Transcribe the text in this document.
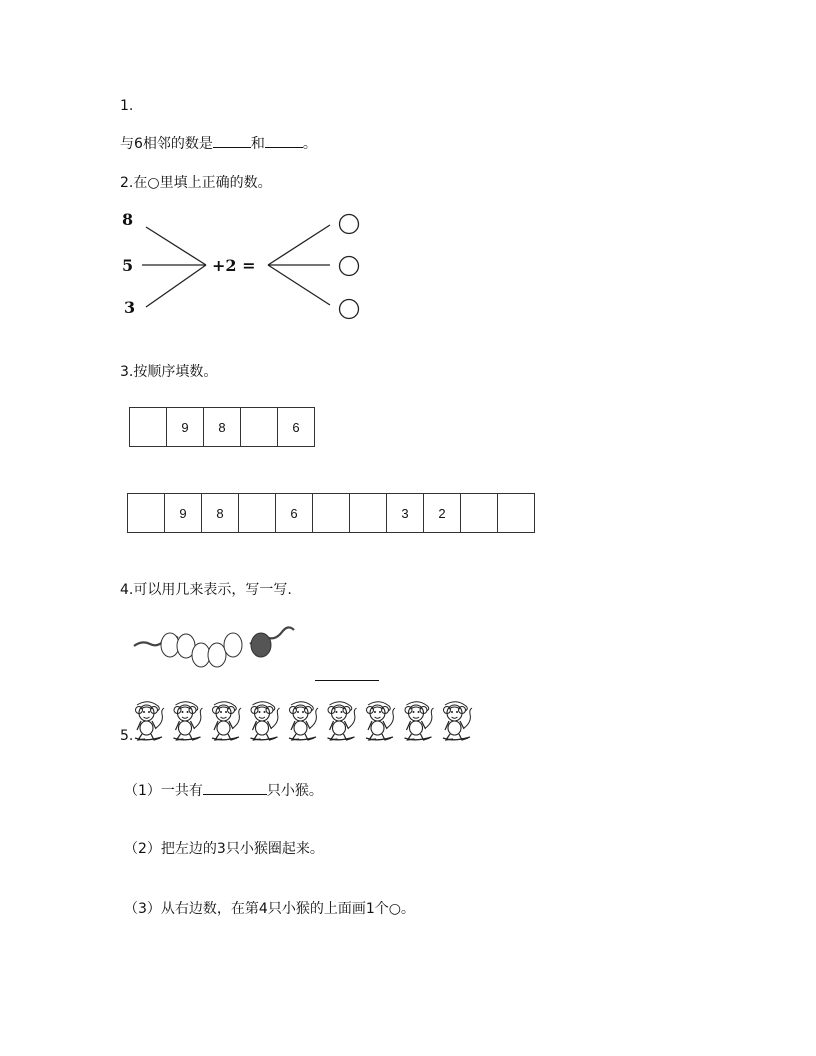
1.
与6相邻的数是	和	。
2.在○里填上正确的数。
8
5
3
+2 =
3.按顺序填数。
	9	8		6
	9	8		6			3	2		
4.可以用几来表示，写一写.
5.
（1）一共有	只小猴。
（2）把左边的3只小猴圈起来。
（3）从右边数，在第4只小猴的上面画1个○。
